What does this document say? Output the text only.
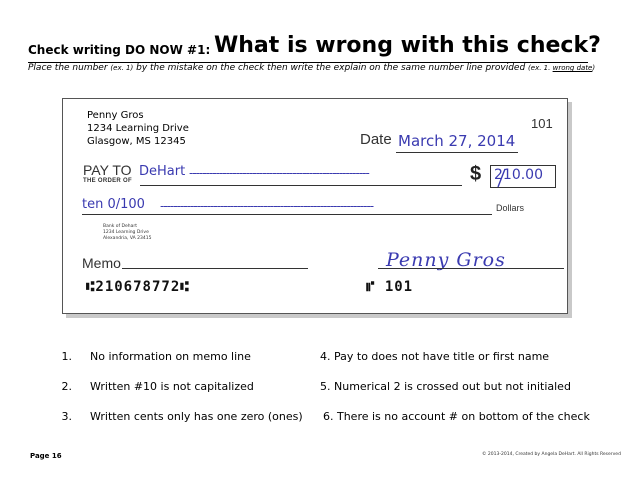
Check writing DO NOW #1: What is wrong with this check?
Place the number (ex. 1) by the mistake on the check then write the explain on the same number line provided (ex. 1. wrong date)
Penny Gros
1234 Learning Drive
Glasgow, MS 12345
101
Date March 27, 2014
PAY TO
THE ORDER OF
DeHart ------------------------------------------------------	$ 210.00
ten 0/100 ----------------------------------------------------------------	Dollars
Bank of Dehart
1234 Learning Drive
Alexandria, VA 23415
Memo	Penny Gros
⑆210678772⑆	⑈ 101
1. No information on memo line
2. Written #10 is not capitalized
3. Written cents only has one zero (ones)
4. Pay to does not have title or first name
5. Numerical 2 is crossed out but not initialed
6. There is no account # on bottom of the check
Page 16	© 2013-2014, Created by Angela DeHart. All Rights Reserved
